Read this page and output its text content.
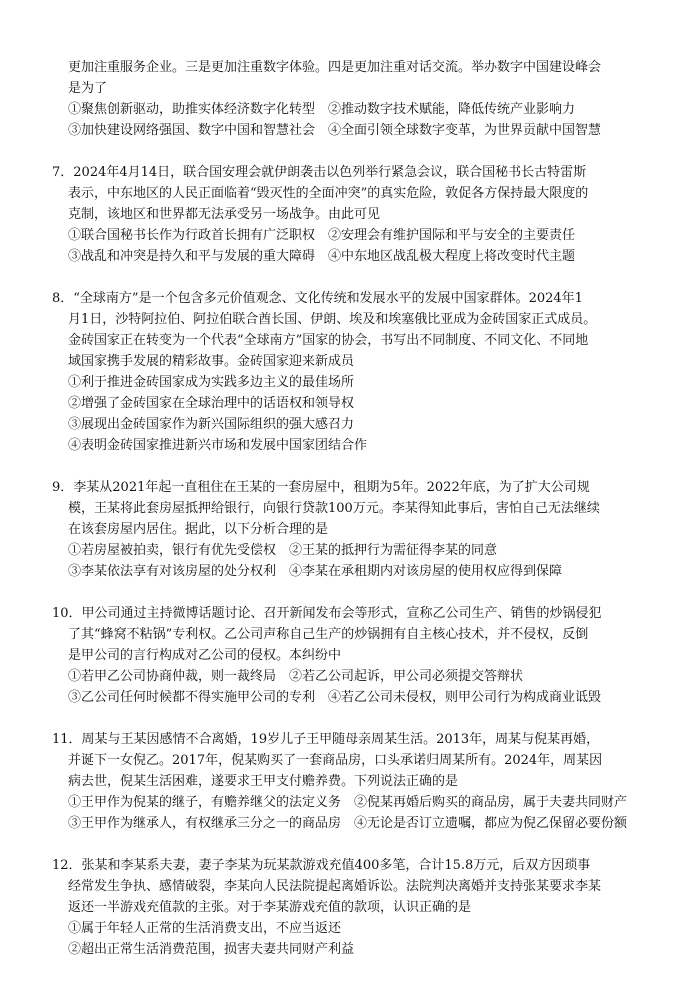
更加注重服务企业。三是更加注重数字体验。四是更加注重对话交流。举办数字中国建设峰会
是为了
①聚焦创新驱动，助推实体经济数字化转型　②推动数字技术赋能，降低传统产业影响力
③加快建设网络强国、数字中国和智慧社会　④全面引领全球数字变革，为世界贡献中国智慧
7．2024年4月14日，联合国安理会就伊朗袭击以色列举行紧急会议，联合国秘书长古特雷斯
表示，中东地区的人民正面临着“毁灭性的全面冲突”的真实危险，敦促各方保持最大限度的
克制，该地区和世界都无法承受另一场战争。由此可见
①联合国秘书长作为行政首长拥有广泛职权　②安理会有维护国际和平与安全的主要责任
③战乱和冲突是持久和平与发展的重大障碍　④中东地区战乱极大程度上将改变时代主题
8．“全球南方”是一个包含多元价值观念、文化传统和发展水平的发展中国家群体。2024年1
月1日，沙特阿拉伯、阿拉伯联合酋长国、伊朗、埃及和埃塞俄比亚成为金砖国家正式成员。
金砖国家正在转变为一个代表“全球南方”国家的协会，书写出不同制度、不同文化、不同地
域国家携手发展的精彩故事。金砖国家迎来新成员
①利于推进金砖国家成为实践多边主义的最佳场所
②增强了金砖国家在全球治理中的话语权和领导权
③展现出金砖国家作为新兴国际组织的强大感召力
④表明金砖国家推进新兴市场和发展中国家团结合作
9．李某从2021年起一直租住在王某的一套房屋中，租期为5年。2022年底，为了扩大公司规
模，王某将此套房屋抵押给银行，向银行贷款100万元。李某得知此事后，害怕自己无法继续
在该套房屋内居住。据此，以下分析合理的是
①若房屋被拍卖，银行有优先受偿权　②王某的抵押行为需征得李某的同意
③李某依法享有对该房屋的处分权利　④李某在承租期内对该房屋的使用权应得到保障
10．甲公司通过主持微博话题讨论、召开新闻发布会等形式，宣称乙公司生产、销售的炒锅侵犯
了其“蜂窝不粘锅”专利权。乙公司声称自己生产的炒锅拥有自主核心技术，并不侵权，反倒
是甲公司的言行构成对乙公司的侵权。本纠纷中
①若甲乙公司协商仲裁，则一裁终局　②若乙公司起诉，甲公司必须提交答辩状
③乙公司任何时候都不得实施甲公司的专利　④若乙公司未侵权，则甲公司行为构成商业诋毁
11．周某与王某因感情不合离婚，19岁儿子王甲随母亲周某生活。2013年，周某与倪某再婚，
并诞下一女倪乙。2017年，倪某购买了一套商品房，口头承诺归周某所有。2024年，周某因
病去世，倪某生活困难，遂要求王甲支付赡养费。下列说法正确的是
①王甲作为倪某的继子，有赡养继父的法定义务　②倪某再婚后购买的商品房，属于夫妻共同财产
③王甲作为继承人，有权继承三分之一的商品房　④无论是否订立遗嘱，都应为倪乙保留必要份额
12．张某和李某系夫妻，妻子李某为玩某款游戏充值400多笔，合计15.8万元，后双方因琐事
经常发生争执、感情破裂，李某向人民法院提起离婚诉讼。法院判决离婚并支持张某要求李某
返还一半游戏充值款的主张。对于李某游戏充值的款项，认识正确的是
①属于年轻人正常的生活消费支出，不应当返还
②超出正常生活消费范围，损害夫妻共同财产利益
